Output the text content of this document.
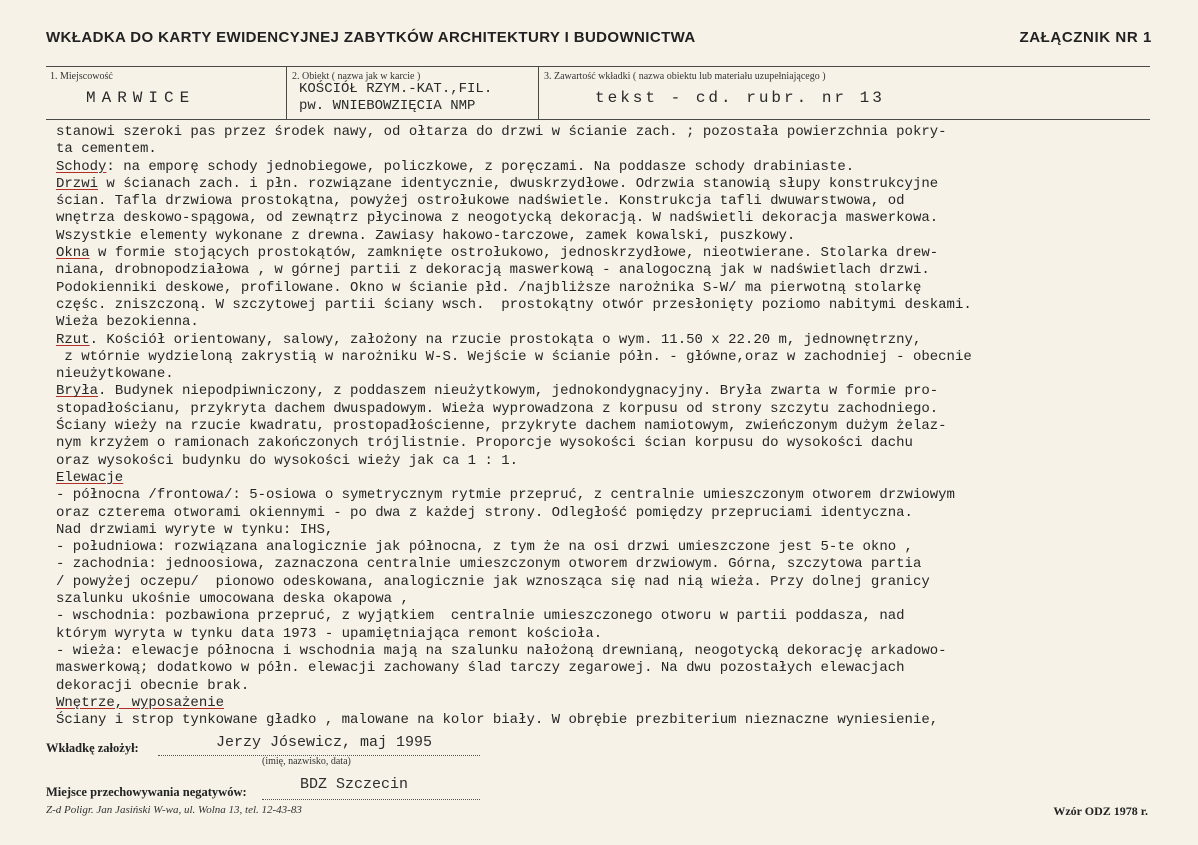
WKŁADKA DO KARTY EWIDENCYJNEJ ZABYTKÓW ARCHITEKTURY I BUDOWNICTWA	ZAŁĄCZNIK NR 1
1. Miejscowość
MARWICE
2. Obiekt ( nazwa jak w karcie )
KOŚCIÓŁ RZYM.-KAT.,FIL.
pw. WNIEBOWZIĘCIA NMP
3. Zawartość wkładki ( nazwa obiektu lub materiału uzupełniającego )
tekst - cd. rubr. nr 13
stanowi szeroki pas przez środek nawy, od ołtarza do drzwi w ścianie zach. ; pozostała powierzchnia pokry-
ta cementem.
Schody: na emporę schody jednobiegowe, policzkowe, z poręczami. Na poddasze schody drabiniaste.
Drzwi w ścianach zach. i płn. rozwiązane identycznie, dwuskrzydłowe. Odrzwia stanowią słupy konstrukcyjne
ścian. Tafla drzwiowa prostokątna, powyżej ostrołukowe nadświetle. Konstrukcja tafli dwuwarstwowa, od
wnętrza deskowo-spągowa, od zewnątrz płycinowa z neogotycką dekoracją. W nadświetli dekoracja maswerkowa.
Wszystkie elementy wykonane z drewna. Zawiasy hakowo-tarczowe, zamek kowalski, puszkowy.
Okna w formie stojących prostokątów, zamknięte ostrołukowo, jednoskrzydłowe, nieotwierane. Stolarka drew-
niana, drobnopodziałowa , w górnej partii z dekoracją maswerkową - analogoczną jak w nadświetlach drzwi.
Podokienniki deskowe, profilowane. Okno w ścianie płd. /najbliższe narożnika S-W/ ma pierwotną stolarkę
częśc. zniszczoną. W szczytowej partii ściany wsch.  prostokątny otwór przesłonięty poziomo nabitymi deskami.
Wieża bezokienna.
Rzut. Kościół orientowany, salowy, założony na rzucie prostokąta o wym. 11.50 x 22.20 m, jednownętrzny,
z wtórnie wydzieloną zakrystią w narożniku W-S. Wejście w ścianie półn. - główne,oraz w zachodniej - obecnie
nieużytkowane.
Bryła. Budynek niepodpiwniczony, z poddaszem nieużytkowym, jednokondygnacyjny. Bryła zwarta w formie pro-
stopadłościanu, przykryta dachem dwuspadowym. Wieża wyprowadzona z korpusu od strony szczytu zachodniego.
Ściany wieży na rzucie kwadratu, prostopadłościenne, przykryte dachem namiotowym, zwieńczonym dużym żelaz-
nym krzyżem o ramionach zakończonych trójlistnie. Proporcje wysokości ścian korpusu do wysokości dachu
oraz wysokości budynku do wysokości wieży jak ca 1 : 1.
Elewacje
- północna /frontowa/: 5-osiowa o symetrycznym rytmie przepruć, z centralnie umieszczonym otworem drzwiowym
oraz czterema otworami okiennymi - po dwa z każdej strony. Odległość pomiędzy przepruciami identyczna.
Nad drzwiami wyryte w tynku: IHS,
- południowa: rozwiązana analogicznie jak północna, z tym że na osi drzwi umieszczone jest 5-te okno ,
- zachodnia: jednoosiowa, zaznaczona centralnie umieszczonym otworem drzwiowym. Górna, szczytowa partia
/ powyżej oczepu/  pionowo odeskowana, analogicznie jak wznosząca się nad nią wieża. Przy dolnej granicy
szalunku ukośnie umocowana deska okapowa ,
- wschodnia: pozbawiona przepruć, z wyjątkiem  centralnie umieszczonego otworu w partii poddasza, nad
którym wyryta w tynku data 1973 - upamiętniająca remont kościoła.
- wieża: elewacje północna i wschodnia mają na szalunku nałożoną drewnianą, neogotycką dekorację arkadowo-
maswerkową; dodatkowo w półn. elewacji zachowany ślad tarczy zegarowej. Na dwu pozostałych elewacjach
dekoracji obecnie brak.
Wnętrze, wyposażenie
Ściany i strop tynkowane gładko , malowane na kolor biały. W obrębie prezbiterium nieznaczne wyniesienie,
Wkładkę założył:	Jerzy Jósewicz, maj 1995
(imię, nazwisko, data)
Miejsce przechowywania negatywów:	BDZ Szczecin
Z-d Poligr. Jan Jasiński W-wa, ul. Wolna 13, tel. 12-43-83	Wzór ODZ 1978 r.
